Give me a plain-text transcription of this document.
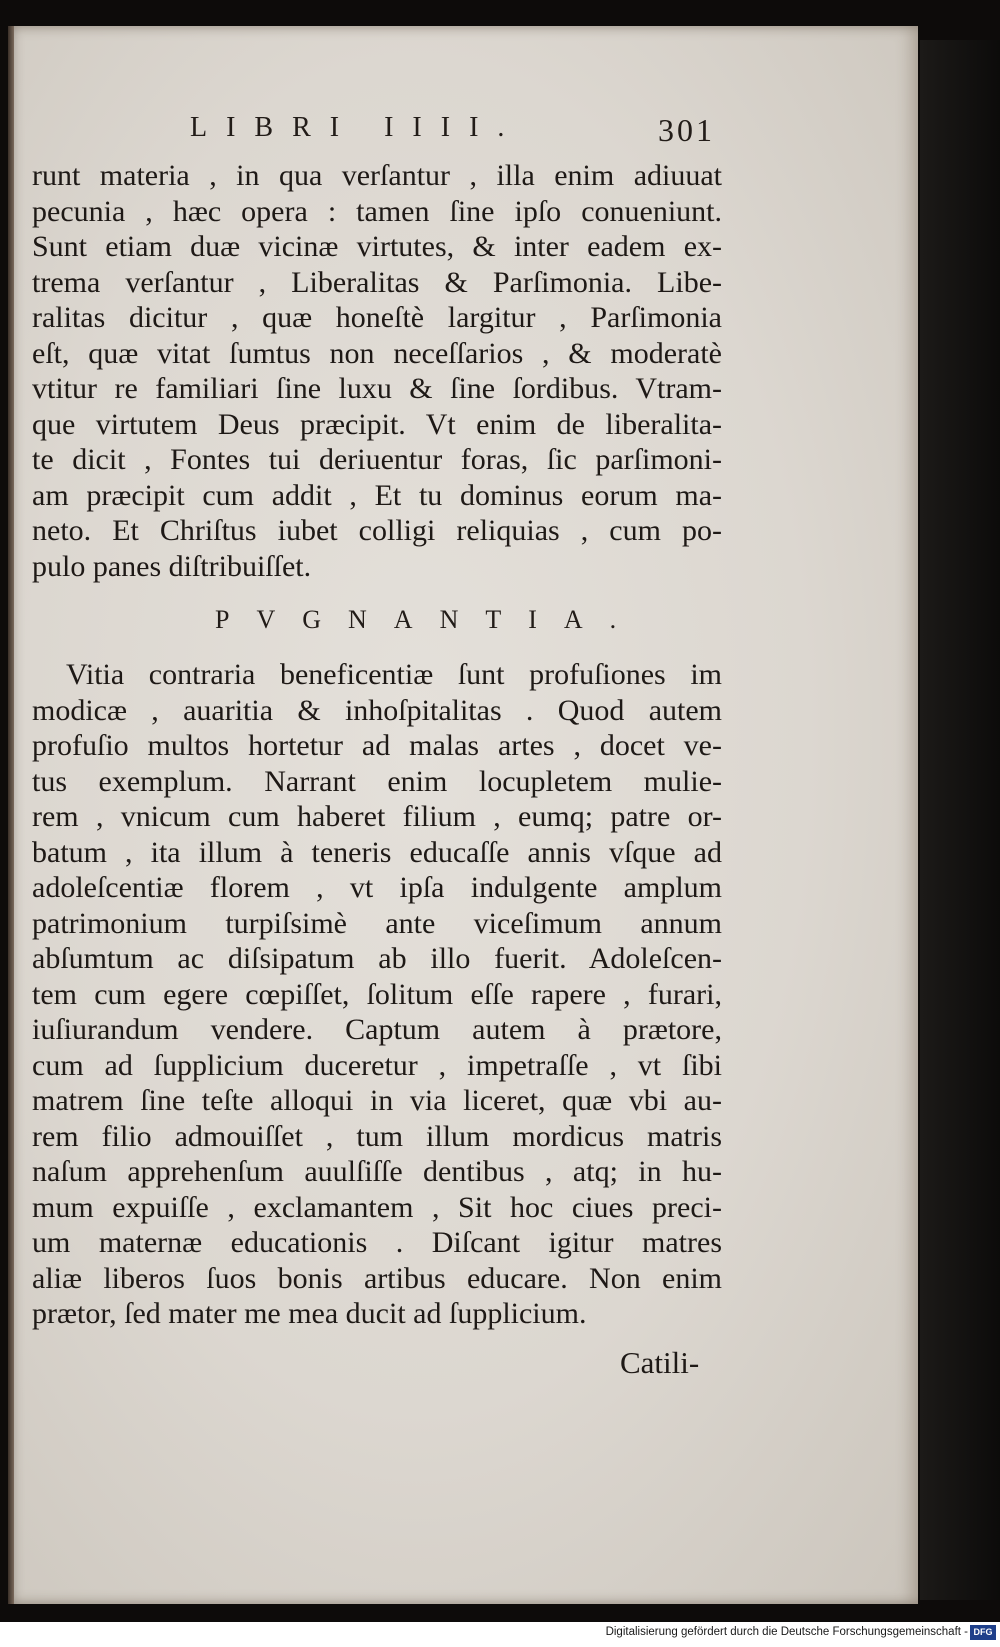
LIBRI IIII.	301
runt materia , in qua verſantur , illa enim adiuuat
pecunia , hæc opera : tamen ſine ipſo conueniunt.
Sunt etiam duæ vicinæ virtutes, & inter eadem ex-
trema verſantur , Liberalitas & Parſimonia. Libe-
ralitas dicitur , quæ honeſtè largitur , Parſimonia
eſt, quæ vitat ſumtus non neceſſarios , & moderatè
vtitur re familiari ſine luxu & ſine ſordibus. Vtram-
que virtutem Deus præcipit. Vt enim de liberalita-
te dicit , Fontes tui deriuentur foras, ſic parſimoni-
am præcipit cum addit , Et tu dominus eorum ma-
neto. Et Chriſtus iubet colligi reliquias , cum po-
pulo panes diſtribuiſſet.
PVGNANTIA.
Vitia contraria beneficentiæ ſunt profuſiones im
modicæ , auaritia & inhoſpitalitas . Quod autem
profuſio multos hortetur ad malas artes , docet ve-
tus exemplum. Narrant enim locupletem mulie-
rem , vnicum cum haberet filium , eumq; patre or-
batum , ita illum à teneris educaſſe annis vſque ad
adoleſcentiæ florem , vt ipſa indulgente amplum
patrimonium turpiſsimè ante viceſimum annum
abſumtum ac diſsipatum ab illo fuerit. Adoleſcen-
tem cum egere cœpiſſet, ſolitum eſſe rapere , furari,
iuſiurandum vendere. Captum autem à prætore,
cum ad ſupplicium duceretur , impetraſſe , vt ſibi
matrem ſine teſte alloqui in via liceret, quæ vbi au-
rem filio admouiſſet , tum illum mordicus matris
naſum apprehenſum auulſiſſe dentibus , atq; in hu-
mum expuiſſe , exclamantem , Sit hoc ciues preci-
um maternæ educationis . Diſcant igitur matres
aliæ liberos ſuos bonis artibus educare. Non enim
prætor, ſed mater me mea ducit ad ſupplicium.
Catili-
Digitalisierung gefördert durch die Deutsche Forschungsgemeinschaft - DFG
